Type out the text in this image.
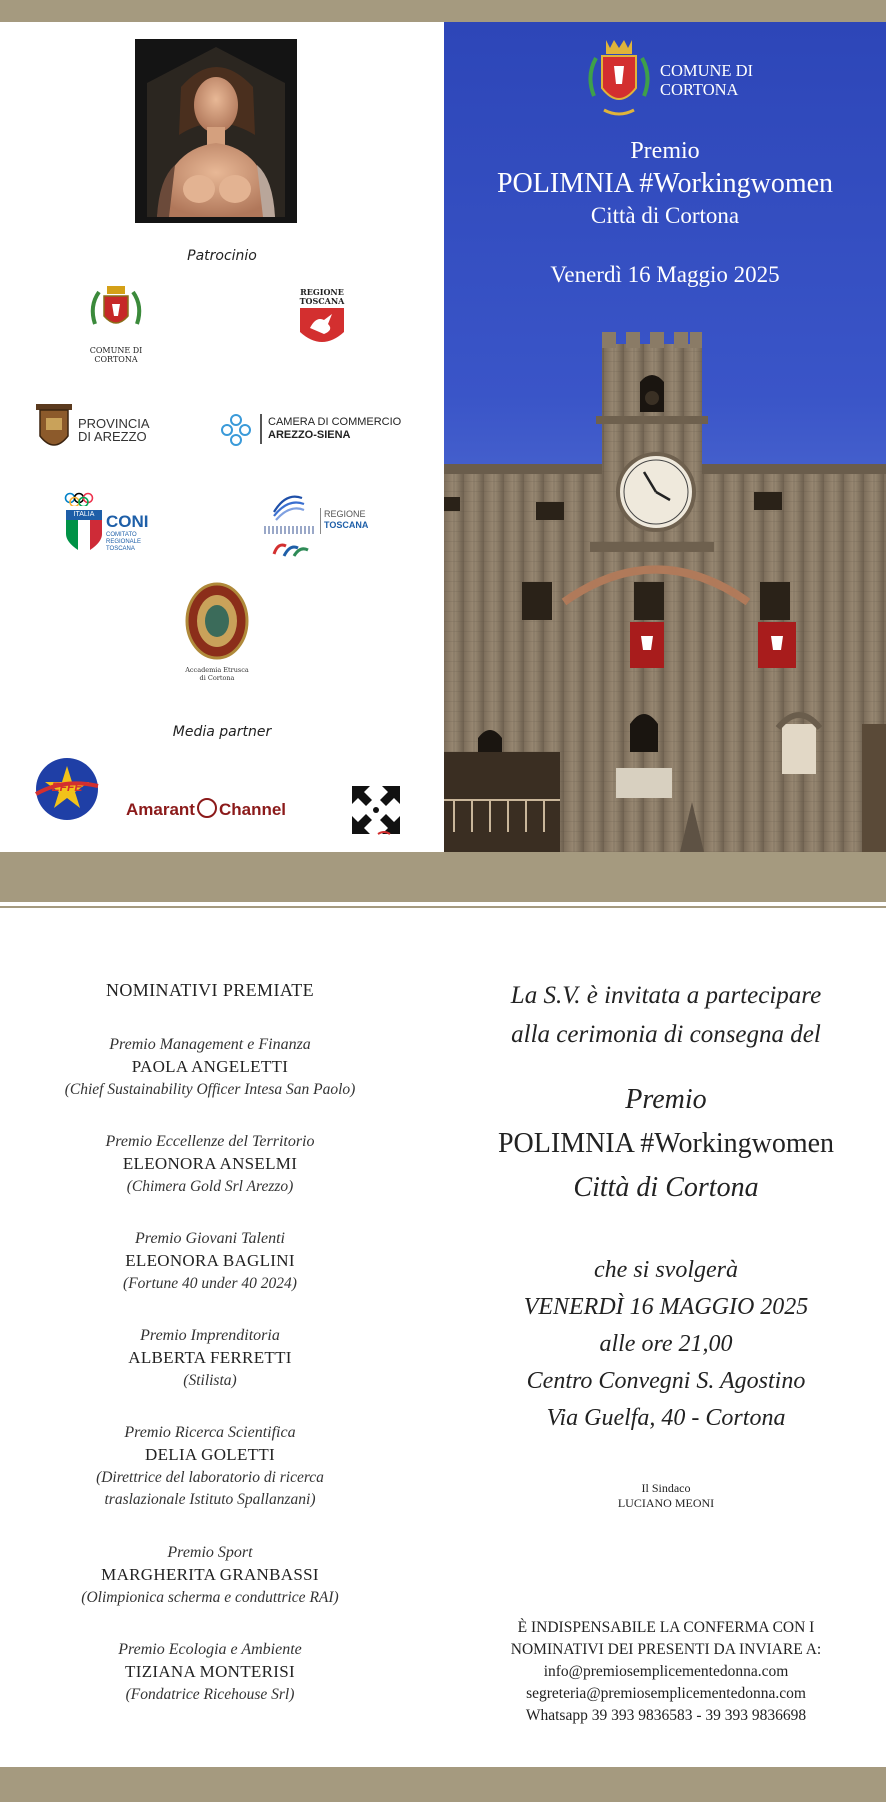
Patrocinio
COMUNE DI
CORTONA
REGIONE
TOSCANA
PROVINCIA
DI AREZZO
CAMERA DI COMMERCIO
AREZZO-SIENA
ITALIA CONI
COMITATO
REGIONALE
TOSCANA
REGIONE
TOSCANA
Accademia Etrusca
di Cortona
Media partner
EFFE
Amarant Channel
COMUNE DI
CORTONA
Premio
POLIMNIA #Workingwomen
Città di Cortona
Venerdì 16 Maggio 2025
NOMINATIVI PREMIATE
Premio Management e Finanza
PAOLA ANGELETTI
(Chief Sustainability Officer Intesa San Paolo)
Premio Eccellenze del Territorio
ELEONORA ANSELMI
(Chimera Gold Srl Arezzo)
Premio Giovani Talenti
ELEONORA BAGLINI
(Fortune 40 under 40 2024)
Premio Imprenditoria
ALBERTA FERRETTI
(Stilista)
Premio Ricerca Scientifica
DELIA GOLETTI
(Direttrice del laboratorio di ricerca
traslazionale Istituto Spallanzani)
Premio Sport
MARGHERITA GRANBASSI
(Olimpionica scherma e conduttrice RAI)
Premio Ecologia e Ambiente
TIZIANA MONTERISI
(Fondatrice Ricehouse Srl)
La S.V. è invitata a partecipare
alla cerimonia di consegna del
Premio
POLIMNIA #Workingwomen
Città di Cortona
che si svolgerà
VENERDÌ 16 MAGGIO 2025
alle ore 21,00
Centro Convegni S. Agostino
Via Guelfa, 40 - Cortona
Il Sindaco
LUCIANO MEONI
È INDISPENSABILE LA CONFERMA CON I
NOMINATIVI DEI PRESENTI DA INVIARE A:
info@premiosemplicementedonna.com
segreteria@premiosemplicementedonna.com
Whatsapp 39 393 9836583 - 39 393 9836698
